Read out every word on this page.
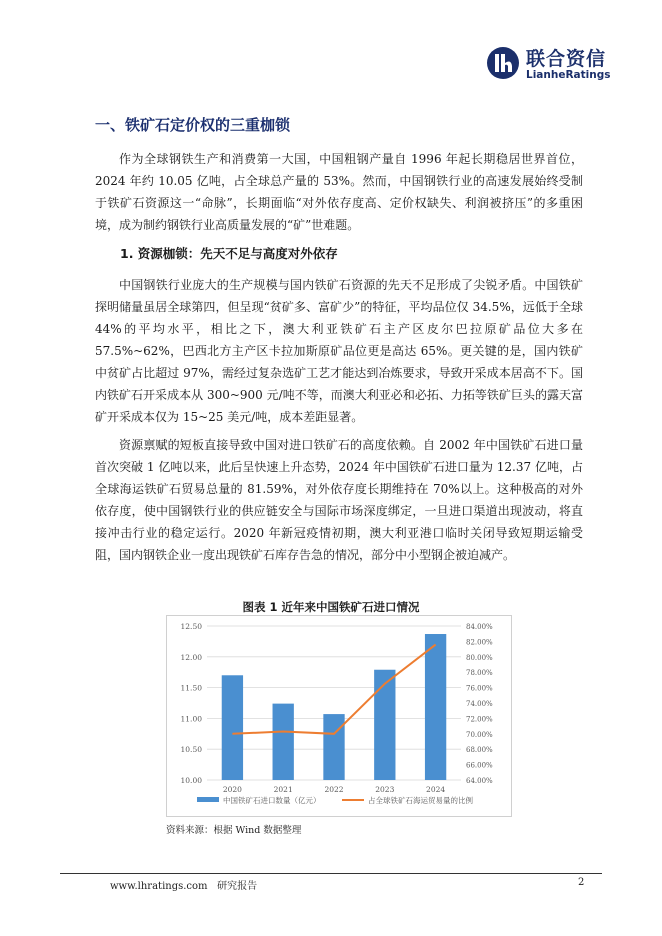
联合资信
LianheRatings
一、铁矿石定价权的三重枷锁

作为全球钢铁生产和消费第一大国，中国粗钢产量自 1996 年起长期稳居世界首位，2024 年约 10.05 亿吨，占全球总产量的 53%。然而，中国钢铁行业的高速发展始终受制于铁矿石资源这一“命脉”，长期面临“对外依存度高、定价权缺失、利润被挤压”的多重困境，成为制约钢铁行业高质量发展的“矿”世难题。

1. 资源枷锁：先天不足与高度对外依存

中国钢铁行业庞大的生产规模与国内铁矿石资源的先天不足形成了尖锐矛盾。中国铁矿探明储量虽居全球第四，但呈现“贫矿多、富矿少”的特征，平均品位仅 34.5%，远低于全球 44%的平均水平，相比之下，澳大利亚铁矿石主产区皮尔巴拉原矿品位大多在 57.5%~62%，巴西北方主产区卡拉加斯原矿品位更是高达 65%。更关键的是，国内铁矿中贫矿占比超过 97%，需经过复杂选矿工艺才能达到冶炼要求，导致开采成本居高不下。国内铁矿石开采成本从 300~900 元/吨不等，而澳大利亚必和必拓、力拓等铁矿巨头的露天富矿开采成本仅为 15~25 美元/吨，成本差距显著。

资源禀赋的短板直接导致中国对进口铁矿石的高度依赖。自 2002 年中国铁矿石进口量首次突破 1 亿吨以来，此后呈快速上升态势，2024 年中国铁矿石进口量为 12.37 亿吨，占全球海运铁矿石贸易总量的 81.59%，对外依存度长期维持在 70%以上。这种极高的对外依存度，使中国钢铁行业的供应链安全与国际市场深度绑定，一旦进口渠道出现波动，将直接冲击行业的稳定运行。2020 年新冠疫情初期，澳大利亚港口临时关闭导致短期运输受阻，国内钢铁企业一度出现铁矿石库存告急的情况，部分中小型钢企被迫减产。

图表 1 近年来中国铁矿石进口情况
10.00
10.50
11.00
11.50
12.00
12.50
64.00%
66.00%
68.00%
70.00%
72.00%
74.00%
76.00%
78.00%
80.00%
82.00%
84.00%
2020	2021	2022	2023	2024
中国铁矿石进口数量（亿元）	占全球铁矿石海运贸易量的比例
资料来源：根据 Wind 数据整理
www.lhratings.com 研究报告	2
